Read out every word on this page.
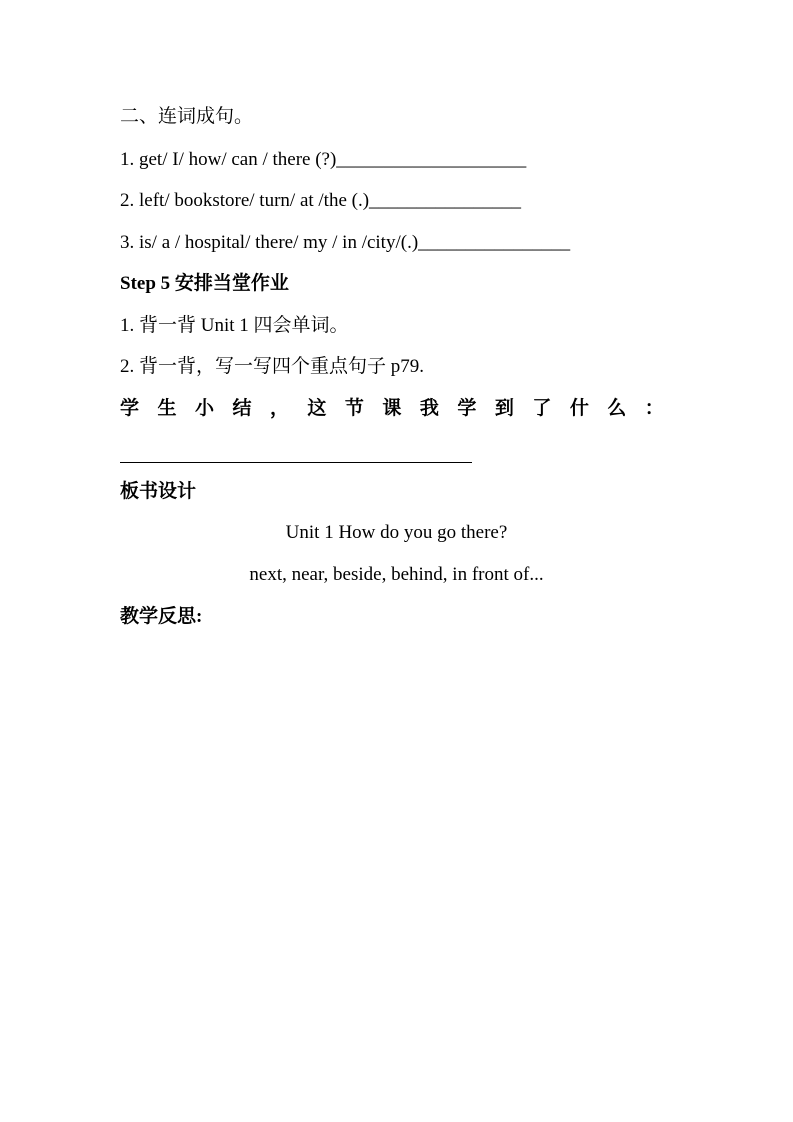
二、连词成句。
1. get/ I/ how/ can / there (?)____________________
2. left/ bookstore/ turn/ at /the (.)________________
3. is/ a / hospital/ there/ my / in /city/(.)________________
Step 5 安排当堂作业
1. 背一背 Unit 1 四会单词。
2. 背一背，写一写四个重点句子 p79.
学 生 小 结 ， 这 节 课 我 学 到 了 什 么 ：
板书设计
Unit 1 How do you go there?
next, near, beside, behind, in front of...
教学反思:
